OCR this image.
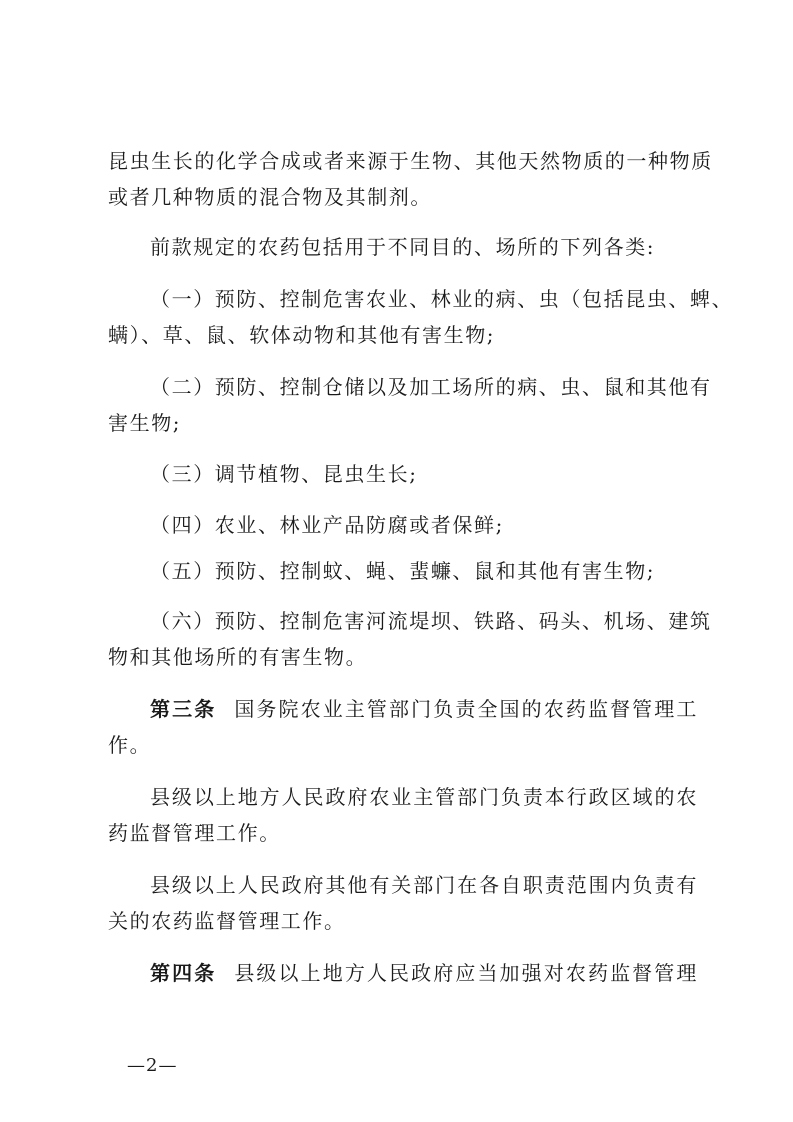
昆虫生长的化学合成或者来源于生物、其他天然物质的一种物质
或者几种物质的混合物及其制剂。
前款规定的农药包括用于不同目的、场所的下列各类:
（一）预防、控制危害农业、林业的病、虫（包括昆虫、蜱、
螨）、草、鼠、软体动物和其他有害生物;
（二）预防、控制仓储以及加工场所的病、虫、鼠和其他有
害生物;
（三）调节植物、昆虫生长;
（四）农业、林业产品防腐或者保鲜;
（五）预防、控制蚊、蝇、蜚蠊、鼠和其他有害生物;
（六）预防、控制危害河流堤坝、铁路、码头、机场、建筑
物和其他场所的有害生物。
第三条 国务院农业主管部门负责全国的农药监督管理工
作。
县级以上地方人民政府农业主管部门负责本行政区域的农
药监督管理工作。
县级以上人民政府其他有关部门在各自职责范围内负责有
关的农药监督管理工作。
第四条 县级以上地方人民政府应当加强对农药监督管理
—2—
